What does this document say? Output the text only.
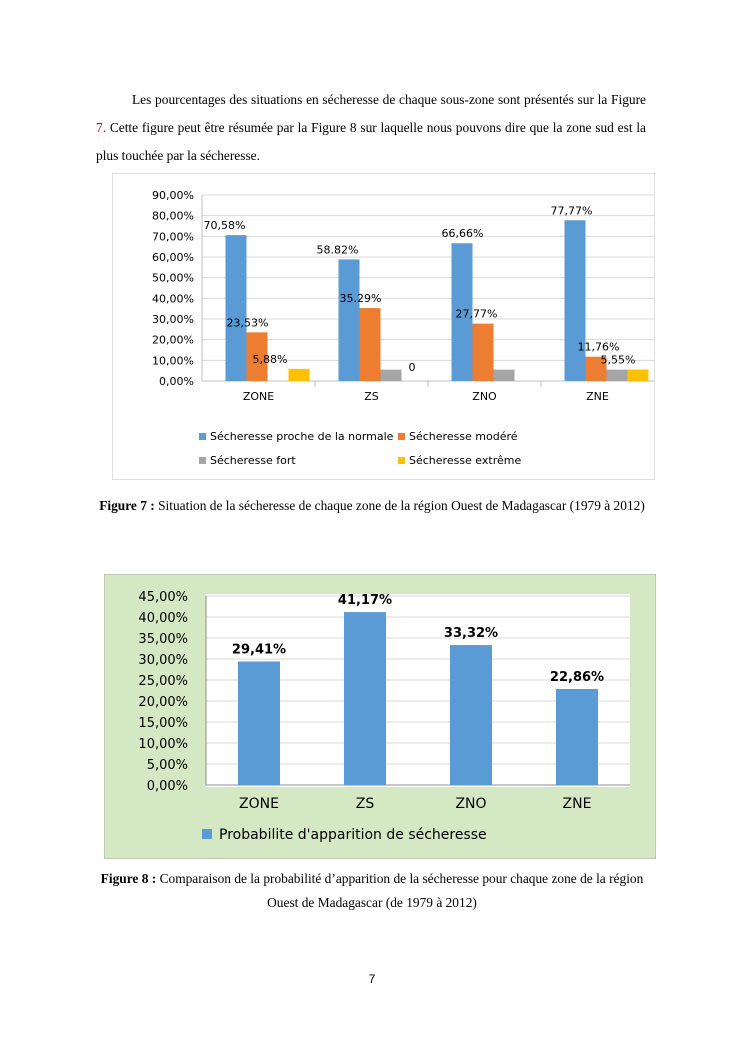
Les pourcentages des situations en sécheresse de chaque sous-zone sont présentés sur la Figure 7. Cette figure peut être résumée par la Figure 8 sur laquelle nous pouvons dire que la zone sud est la plus touchée par la sécheresse.

0,00%
10,00%
20,00%
30,00%
40,00%
50,00%
60,00%
70,00%
80,00%
90,00%
ZONE
70,58%
23,53%
5,88%
ZS
58.82%
35.29%
0
ZNO
66,66%
27,77%
ZNE
77,77%
11,76%
5,55%
Sécheresse proche de la normale Sécheresse modéré
Sécheresse fort	Sécheresse extrême

Figure 7 : Situation de la sécheresse de chaque zone de la région Ouest de Madagascar (1979 à 2012)

0,00%
5,00%
10,00%
15,00%
20,00%
25,00%
30,00%
35,00%
40,00%
45,00%
29,41%
ZONE
41,17%
ZS
33,32%
ZNO
22,86%
ZNE
Probabilite d'apparition de sécheresse

Figure 8 : Comparaison de la probabilité d’apparition de la sécheresse pour chaque zone de la région Ouest de Madagascar (de 1979 à 2012)

7
